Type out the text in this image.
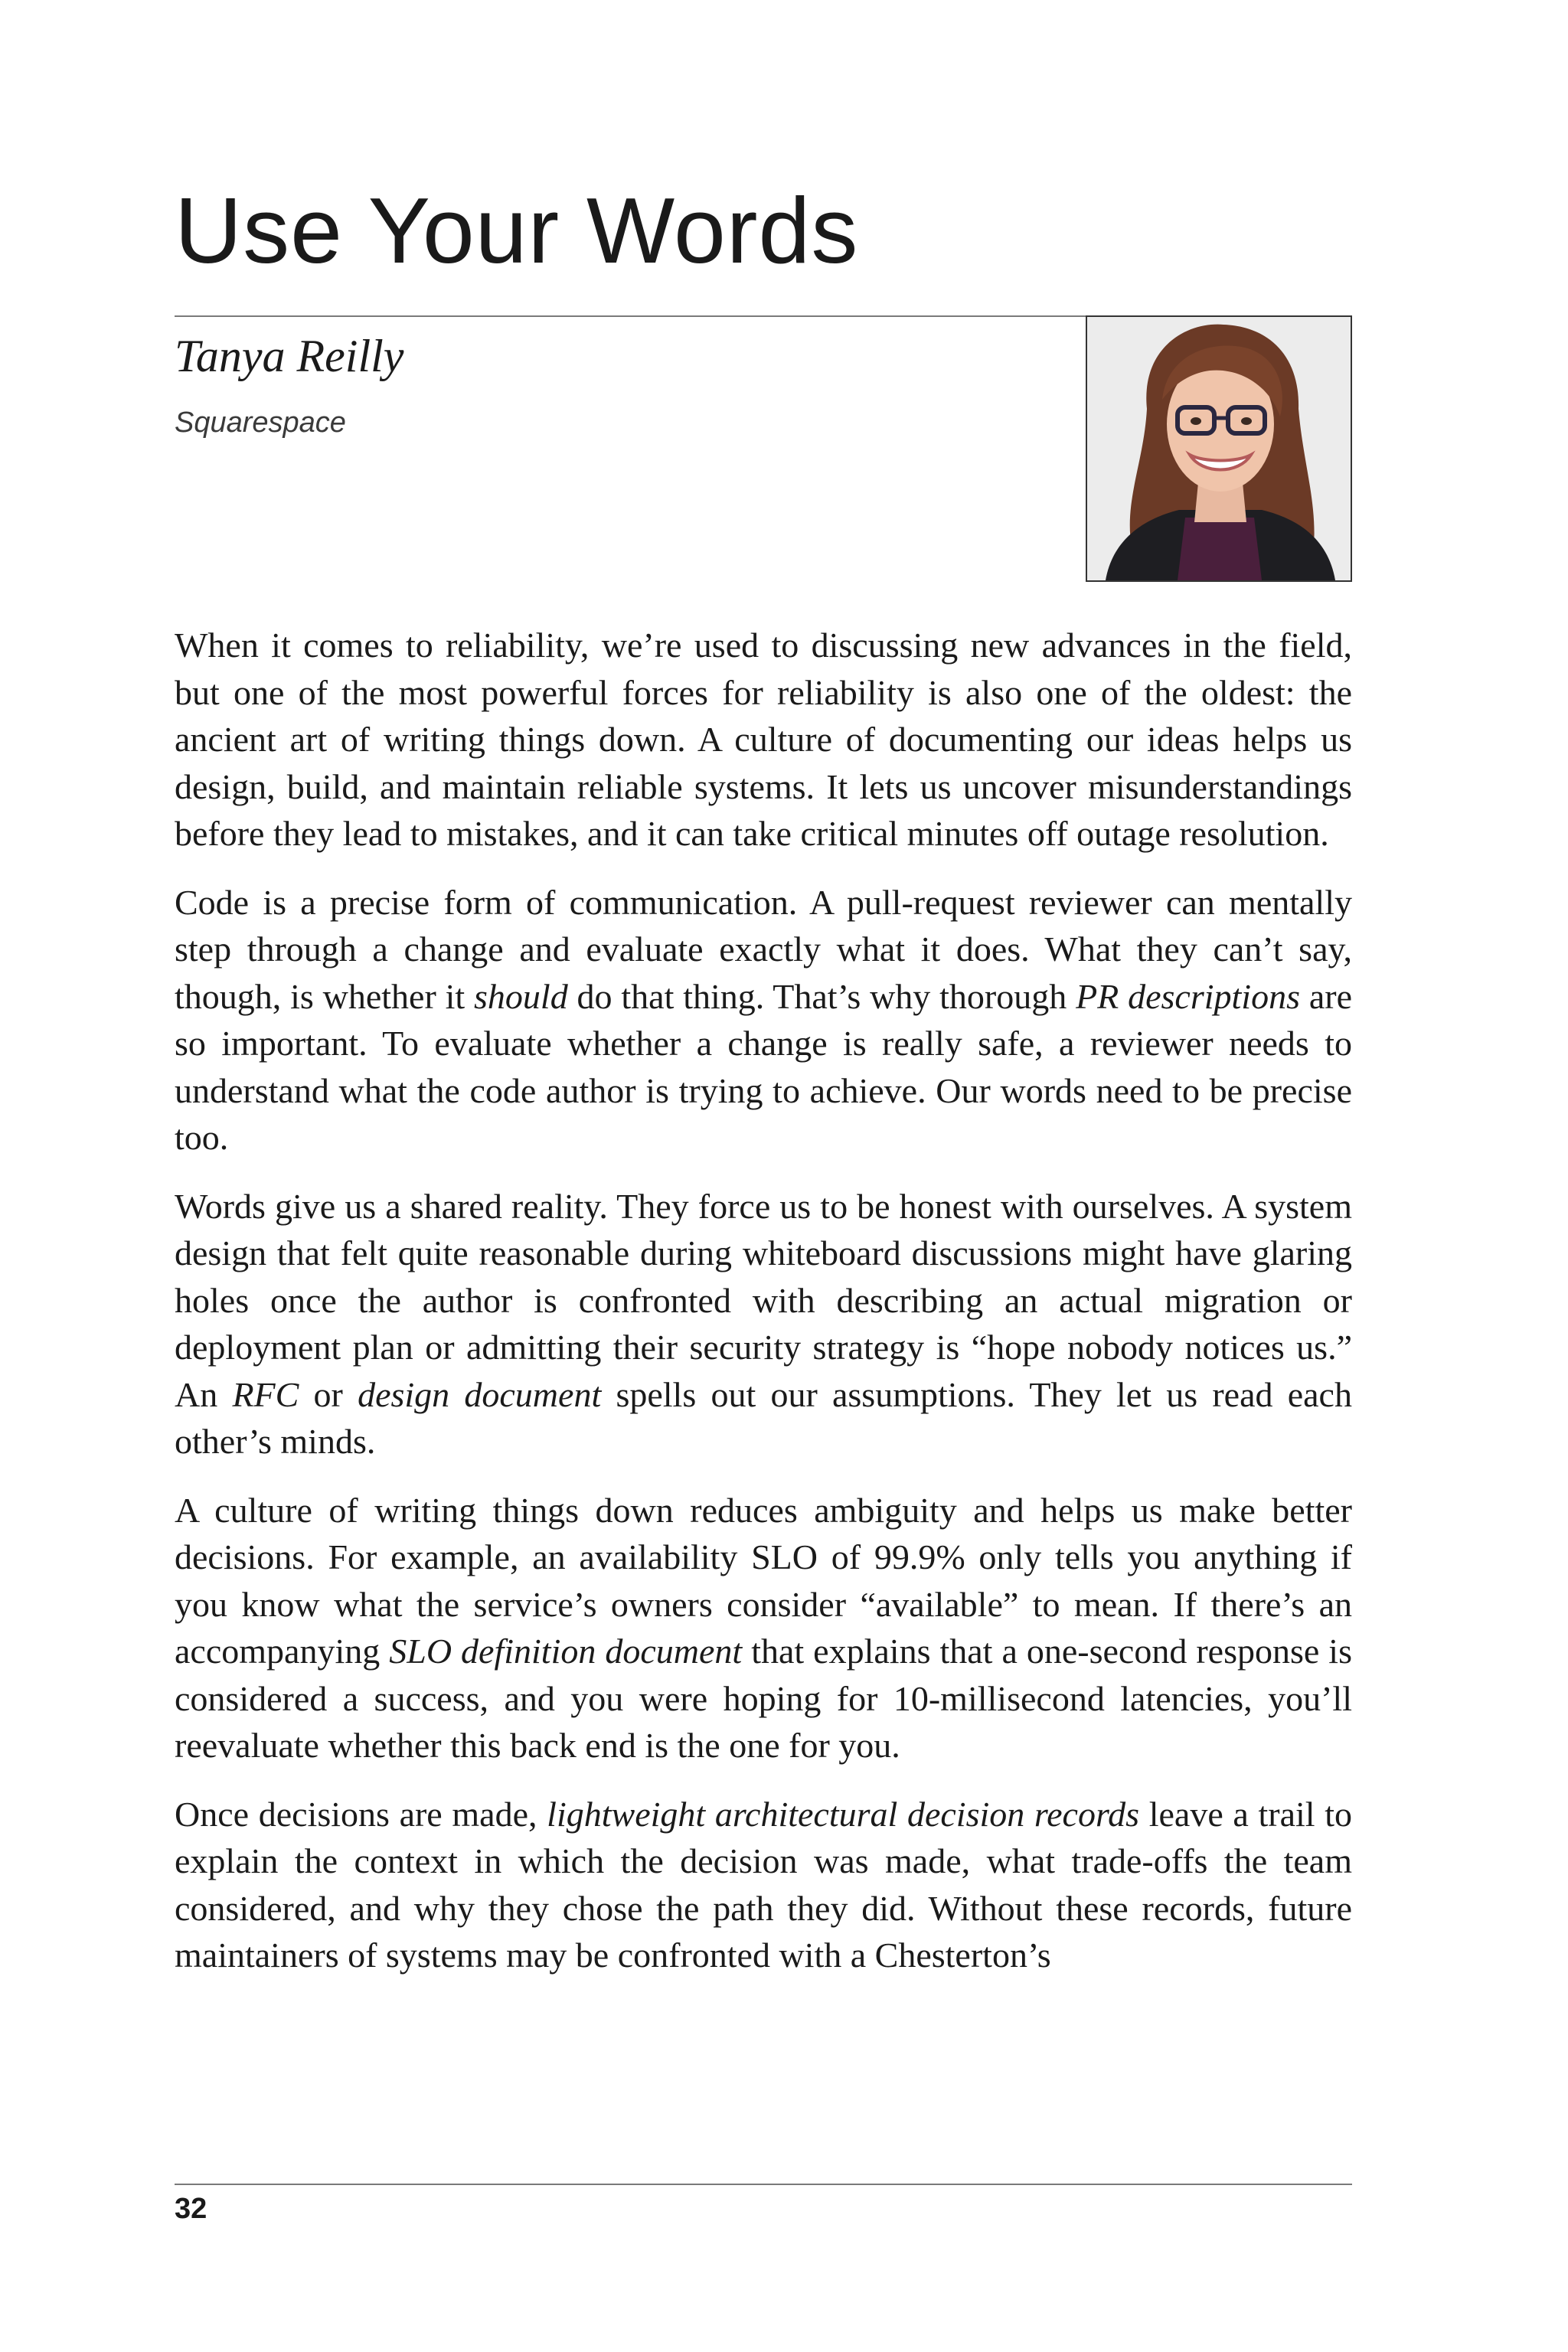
Use Your Words
Tanya Reilly
Squarespace

When it comes to reliability, we’re used to discussing new advances in the field, but one of the most powerful forces for reliability is also one of the oldest: the ancient art of writing things down. A culture of documenting our ideas helps us design, build, and maintain reliable systems. It lets us uncover misunderstandings before they lead to mistakes, and it can take critical minutes off outage resolution.

Code is a precise form of communication. A pull-request reviewer can mentally step through a change and evaluate exactly what it does. What they can’t say, though, is whether it should do that thing. That’s why thorough PR descriptions are so important. To evaluate whether a change is really safe, a reviewer needs to understand what the code author is trying to achieve. Our words need to be precise too.

Words give us a shared reality. They force us to be honest with ourselves. A system design that felt quite reasonable during whiteboard discussions might have glaring holes once the author is confronted with describing an actual migration or deployment plan or admitting their security strategy is “hope nobody notices us.” An RFC or design document spells out our assumptions. They let us read each other’s minds.

A culture of writing things down reduces ambiguity and helps us make better decisions. For example, an availability SLO of 99.9% only tells you anything if you know what the service’s owners consider “available” to mean. If there’s an accompanying SLO definition document that explains that a one-second response is considered a success, and you were hoping for 10-millisecond latencies, you’ll reevaluate whether this back end is the one for you.

Once decisions are made, lightweight architectural decision records leave a trail to explain the context in which the decision was made, what trade-offs the team considered, and why they chose the path they did. Without these records, future maintainers of systems may be confronted with a Chesterton’s

32
